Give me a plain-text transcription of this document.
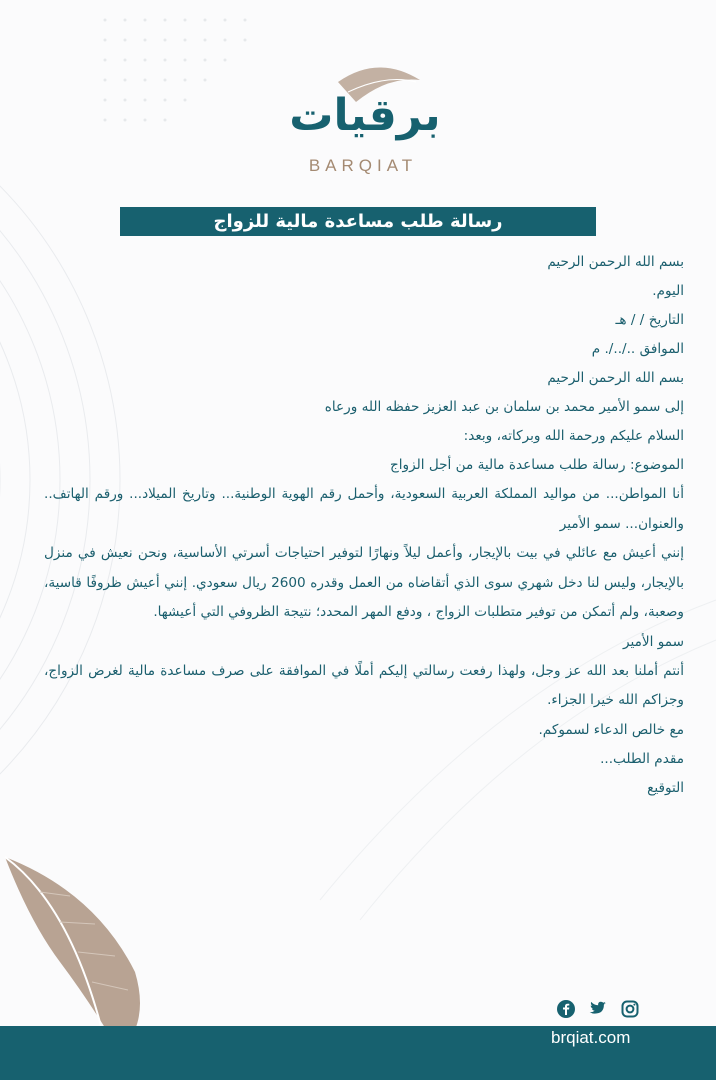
برقيات
BARQIAT
رسالة طلب مساعدة مالية للزواج
بسم الله الرحمن الرحيم
اليوم.
التاريخ / / هـ
الموافق ../../. م
بسم الله الرحمن الرحيم
إلى سمو الأمير محمد بن سلمان بن عبد العزيز حفظه الله ورعاه
السلام عليكم ورحمة الله وبركاته، وبعد:
الموضوع: رسالة طلب مساعدة مالية من أجل الزواج
أنا المواطن... من مواليد المملكة العربية السعودية، وأحمل رقم الهوية الوطنية... وتاريخ الميلاد... ورقم الهاتف.. والعنوان... سمو الأمير
إنني أعيش مع عائلي في بيت بالإيجار، وأعمل ليلاً ونهارًا لتوفير احتياجات أسرتي الأساسية، ونحن نعيش في منزل بالإيجار، وليس لنا دخل شهري سوى الذي أتقاضاه من العمل وقدره 2600 ريال سعودي. إنني أعيش ظروفًا قاسية، وصعبة، ولم أتمكن من توفير متطلبات الزواج ، ودفع المهر المحدد؛ نتيجة الظروفي التي أعيشها.
سمو الأمير
أنتم أملنا بعد الله عز وجل، ولهذا رفعت رسالتي إليكم أملًا في الموافقة على صرف مساعدة مالية لغرض الزواج، وجزاكم الله خيرا الجزاء.
مع خالص الدعاء لسموكم.
مقدم الطلب...
التوقيع
brqiat.com
